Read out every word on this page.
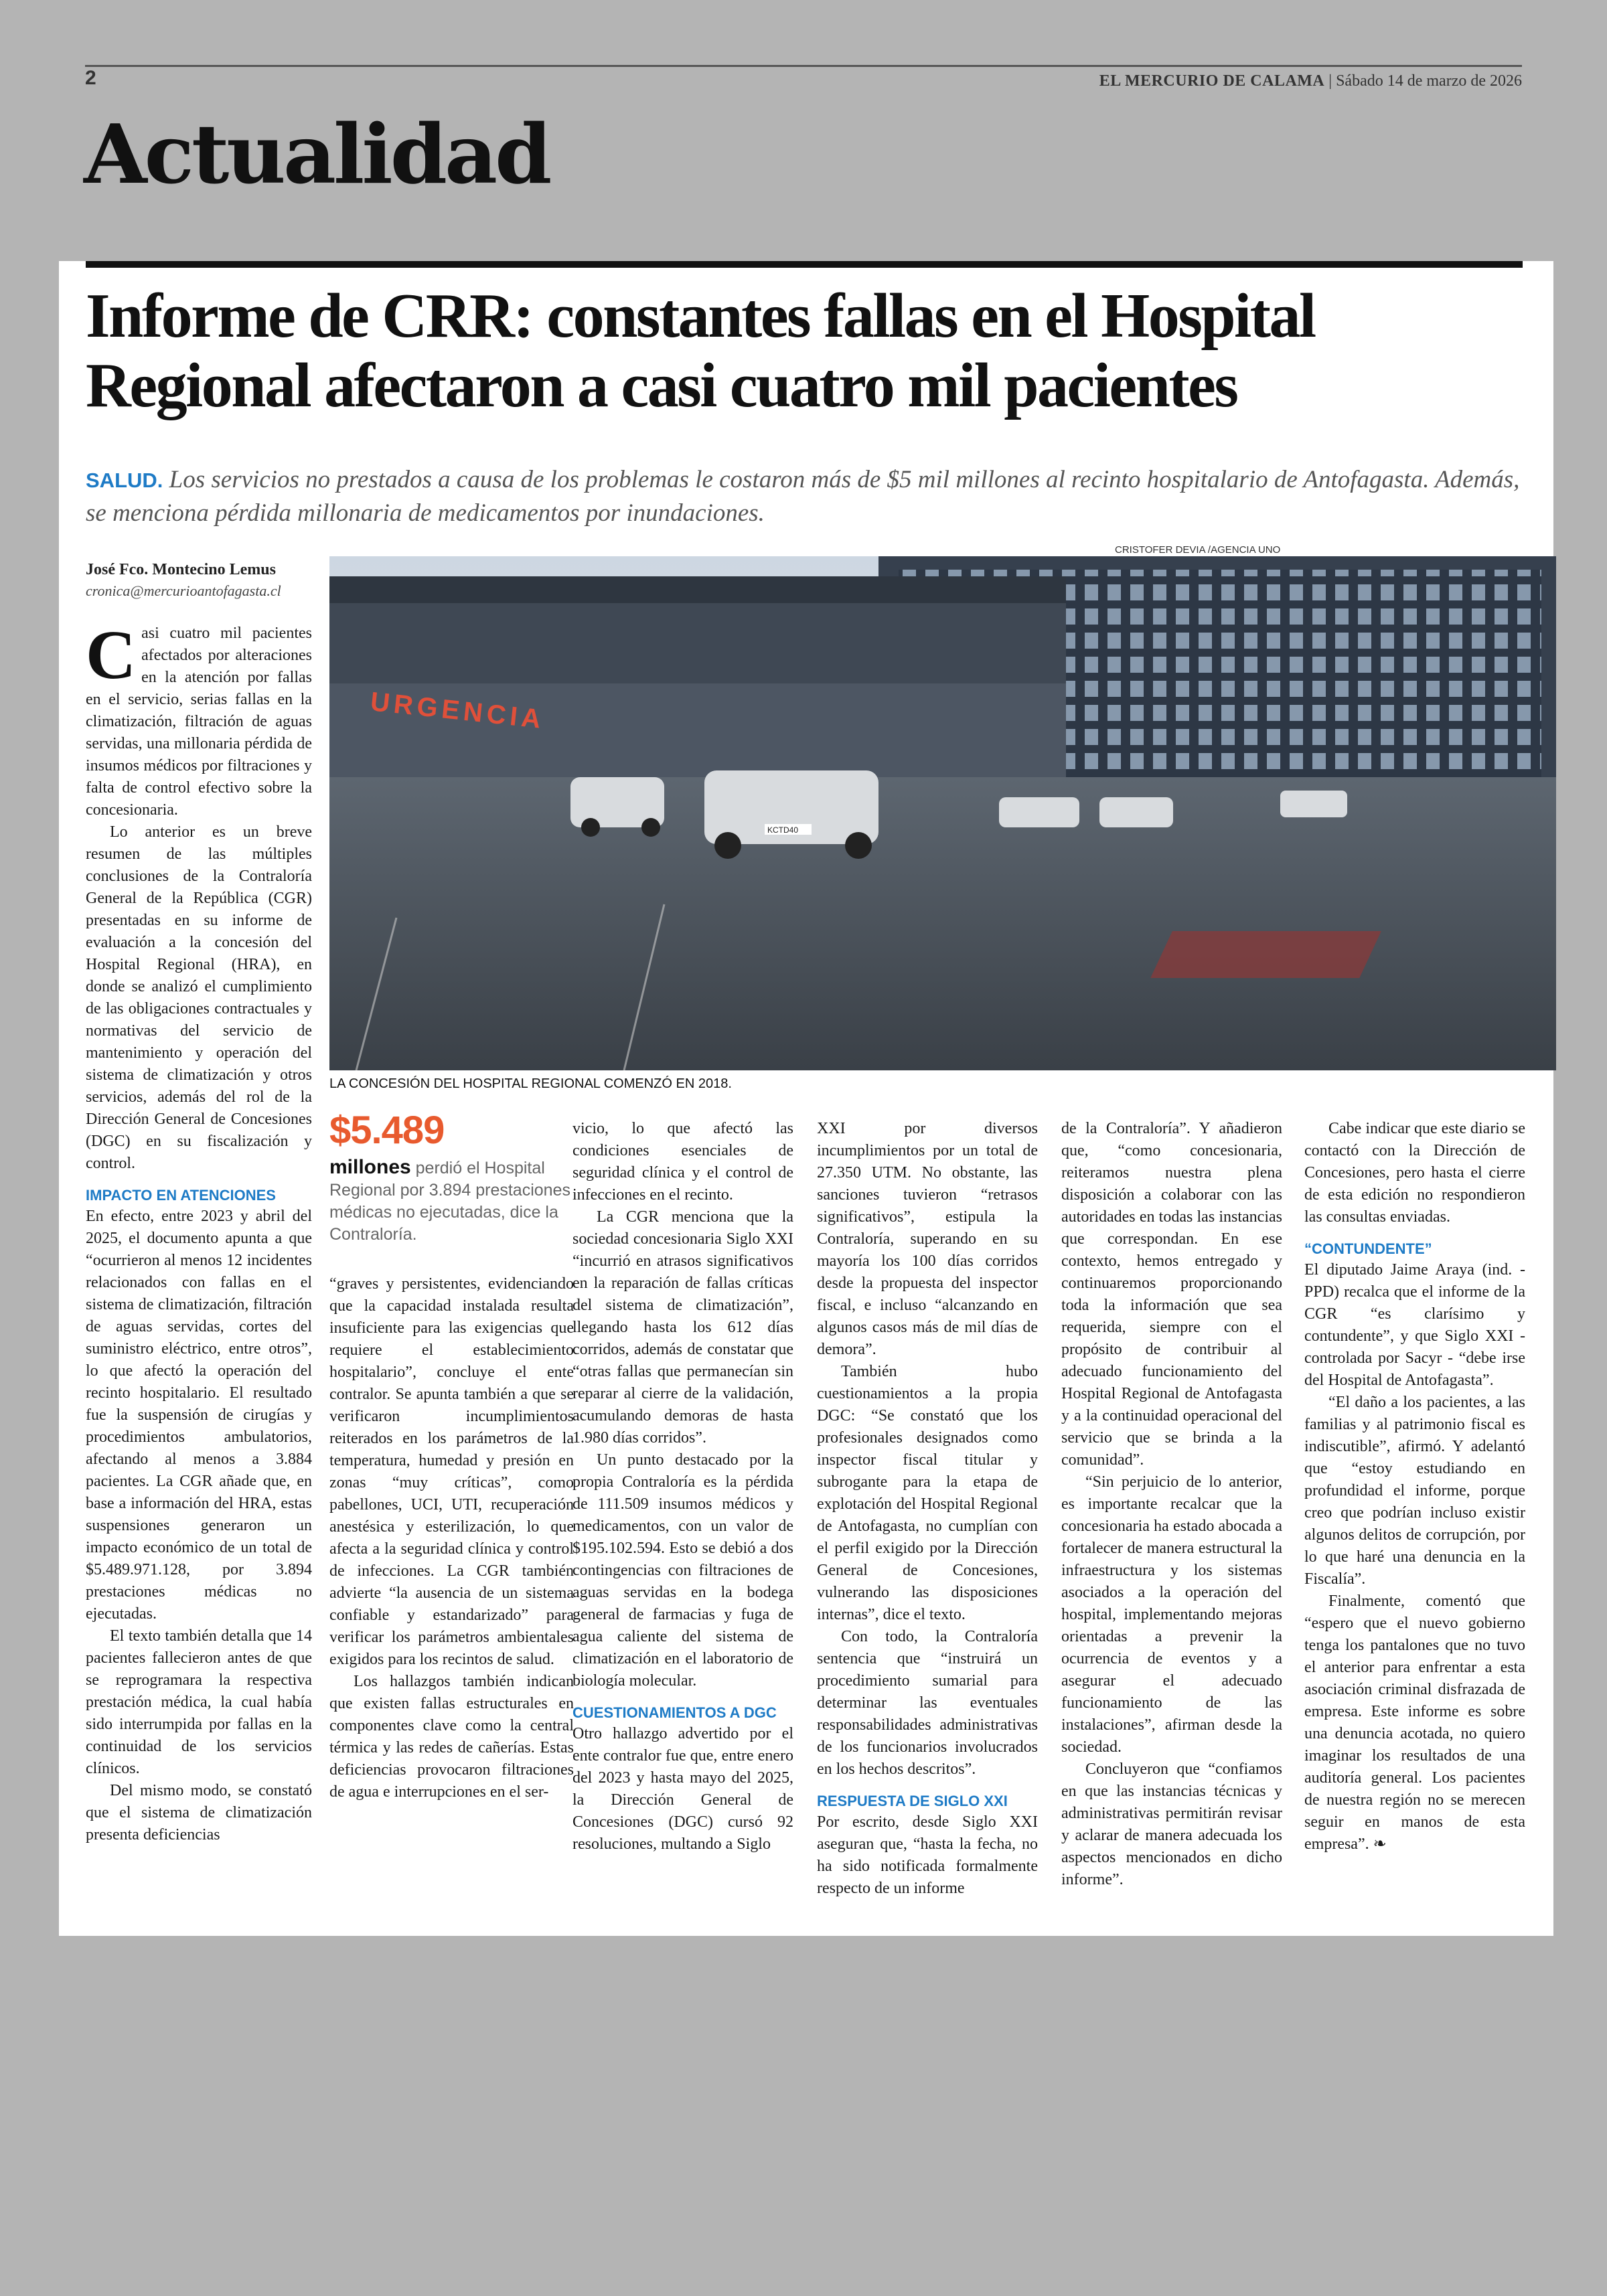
2	EL MERCURIO DE CALAMA | Sábado 14 de marzo de 2026
Actualidad
Informe de CRR: constantes fallas en el Hospital Regional afectaron a casi cuatro mil pacientes

SALUD. Los servicios no prestados a causa de los problemas le costaron más de $5 mil millones al recinto hospitalario de Antofagasta. Además, se menciona pérdida millonaria de medicamentos por inundaciones.

José Fco. Montecino Lemus
cronica@mercurioantofagasta.cl
CRISTOFER DEVIA /AGENCIA UNO
URGENCIA
KCTD40
LA CONCESIÓN DEL HOSPITAL REGIONAL COMENZÓ EN 2018.

Casi cuatro mil pacientes afectados por alteraciones en la atención por fallas en el servicio, serias fallas en la climatización, filtración de aguas servidas, una millonaria pérdida de insumos médicos por filtraciones y falta de control efectivo sobre la concesionaria.

Lo anterior es un breve resumen de las múltiples conclusiones de la Contraloría General de la República (CGR) presentadas en su informe de evaluación a la concesión del Hospital Regional (HRA), en donde se analizó el cumplimiento de las obligaciones contractuales y normativas del servicio de mantenimiento y operación del sistema de climatización y otros servicios, además del rol de la Dirección General de Concesiones (DGC) en su fiscalización y control.

IMPACTO EN ATENCIONES

En efecto, entre 2023 y abril del 2025, el documento apunta a que “ocurrieron al menos 12 incidentes relacionados con fallas en el sistema de climatización, filtración de aguas servidas, cortes del suministro eléctrico, entre otros”, lo que afectó la operación del recinto hospitalario. El resultado fue la suspensión de cirugías y procedimientos ambulatorios, afectando al menos a 3.884 pacientes. La CGR añade que, en base a información del HRA, estas suspensiones generaron un impacto económico de un total de $5.489.971.128, por 3.894 prestaciones médicas no ejecutadas.

El texto también detalla que 14 pacientes fallecieron antes de que se reprogramara la respectiva prestación médica, la cual había sido interrumpida por fallas en la continuidad de los servicios clínicos.

Del mismo modo, se constató que el sistema de climatización presenta deficiencias

$5.489
millones perdió el Hospital Regional por 3.894 prestaciones médicas no ejecutadas, dice la Contraloría.

“graves y persistentes, evidenciando que la capacidad instalada resulta insuficiente para las exigencias que requiere el establecimiento hospitalario”, concluye el ente contralor. Se apunta también a que se verificaron incumplimientos reiterados en los parámetros de la temperatura, humedad y presión en zonas “muy críticas”, como pabellones, UCI, UTI, recuperación anestésica y esterilización, lo que afecta a la seguridad clínica y control de infecciones. La CGR también advierte “la ausencia de un sistema confiable y estandarizado” para verificar los parámetros ambientales exigidos para los recintos de salud.

Los hallazgos también indican que existen fallas estructurales en componentes clave como la central térmica y las redes de cañerías. Estas deficiencias provocaron filtraciones de agua e interrupciones en el ser-

vicio, lo que afectó las condiciones esenciales de seguridad clínica y el control de infecciones en el recinto.

La CGR menciona que la sociedad concesionaria Siglo XXI “incurrió en atrasos significativos en la reparación de fallas críticas del sistema de climatización”, llegando hasta los 612 días corridos, además de constatar que “otras fallas que permanecían sin reparar al cierre de la validación, acumulando demoras de hasta 1.980 días corridos”.

Un punto destacado por la propia Contraloría es la pérdida de 111.509 insumos médicos y medicamentos, con un valor de $195.102.594. Esto se debió a dos contingencias con filtraciones de aguas servidas en la bodega general de farmacias y fuga de agua caliente del sistema de climatización en el laboratorio de biología molecular.

CUESTIONAMIENTOS A DGC

Otro hallazgo advertido por el ente contralor fue que, entre enero del 2023 y hasta mayo del 2025, la Dirección General de Concesiones (DGC) cursó 92 resoluciones, multando a Siglo

XXI por diversos incumplimientos por un total de 27.350 UTM. No obstante, las sanciones tuvieron “retrasos significativos”, estipula la Contraloría, superando en su mayoría los 100 días corridos desde la propuesta del inspector fiscal, e incluso “alcanzando en algunos casos más de mil días de demora”.

También hubo cuestionamientos a la propia DGC: “Se constató que los profesionales designados como inspector fiscal titular y subrogante para la etapa de explotación del Hospital Regional de Antofagasta, no cumplían con el perfil exigido por la Dirección General de Concesiones, vulnerando las disposiciones internas”, dice el texto.

Con todo, la Contraloría sentencia que “instruirá un procedimiento sumarial para determinar las eventuales responsabilidades administrativas de los funcionarios involucrados en los hechos descritos”.

RESPUESTA DE SIGLO XXI

Por escrito, desde Siglo XXI aseguran que, “hasta la fecha, no ha sido notificada formalmente respecto de un informe

de la Contraloría”. Y añadieron que, “como concesionaria, reiteramos nuestra plena disposición a colaborar con las autoridades en todas las instancias que correspondan. En ese contexto, hemos entregado y continuaremos proporcionando toda la información que sea requerida, siempre con el propósito de contribuir al adecuado funcionamiento del Hospital Regional de Antofagasta y a la continuidad operacional del servicio que se brinda a la comunidad”.

“Sin perjuicio de lo anterior, es importante recalcar que la concesionaria ha estado abocada a fortalecer de manera estructural la infraestructura y los sistemas asociados a la operación del hospital, implementando mejoras orientadas a prevenir la ocurrencia de eventos y a asegurar el adecuado funcionamiento de las instalaciones”, afirman desde la sociedad.

Concluyeron que “confiamos en que las instancias técnicas y administrativas permitirán revisar y aclarar de manera adecuada los aspectos mencionados en dicho informe”.

Cabe indicar que este diario se contactó con la Dirección de Concesiones, pero hasta el cierre de esta edición no respondieron las consultas enviadas.

“CONTUNDENTE”

El diputado Jaime Araya (ind. - PPD) recalca que el informe de la CGR “es clarísimo y contundente”, y que Siglo XXI - controlada por Sacyr - “debe irse del Hospital de Antofagasta”.

“El daño a los pacientes, a las familias y al patrimonio fiscal es indiscutible”, afirmó. Y adelantó que “estoy estudiando en profundidad el informe, porque creo que podrían incluso existir algunos delitos de corrupción, por lo que haré una denuncia en la Fiscalía”.

Finalmente, comentó que “espero que el nuevo gobierno tenga los pantalones que no tuvo el anterior para enfrentar a esta asociación criminal disfrazada de empresa. Este informe es sobre una denuncia acotada, no quiero imaginar los resultados de una auditoría general. Los pacientes de nuestra región no se merecen seguir en manos de esta empresa”. ❧
